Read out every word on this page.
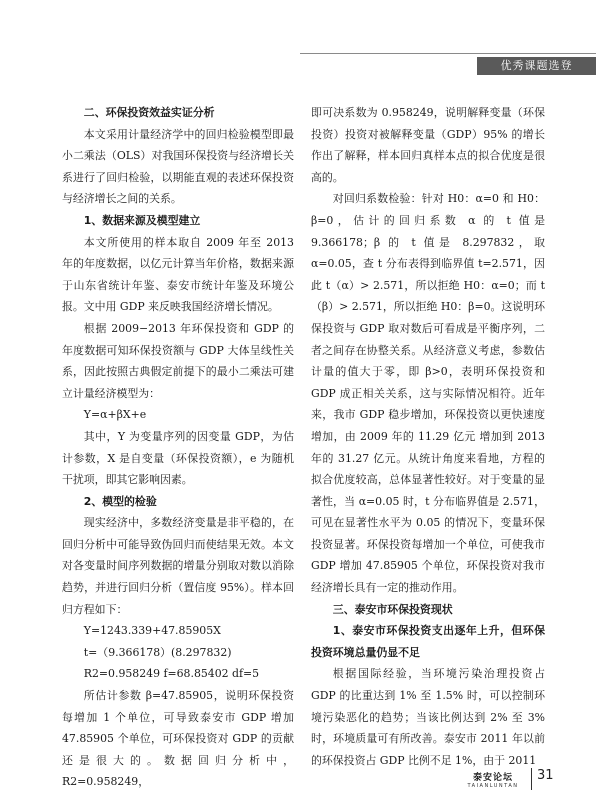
优秀课题选登

二、环保投资效益实证分析

本文采用计量经济学中的回归检验模型即最小二乘法（OLS）对我国环保投资与经济增长关系进行了回归检验，以期能直观的表述环保投资与经济增长之间的关系。

1、数据来源及模型建立

本文所使用的样本取自 2009 年至 2013 年的年度数据，以亿元计算当年价格，数据来源于山东省统计年鉴、泰安市统计年鉴及环境公报。文中用 GDP 来反映我国经济增长情况。

根据 2009−2013 年环保投资和 GDP 的年度数据可知环保投资额与 GDP 大体呈线性关系，因此按照古典假定前提下的最小二乘法可建立计量经济模型为：

Y=α+βX+e

其中，Y 为变量序列的因变量 GDP，为估计参数，X 是自变量（环保投资额），e 为随机干扰项，即其它影响因素。

2、模型的检验

现实经济中，多数经济变量是非平稳的，在回归分析中可能导致伪回归而使结果无效。本文对各变量时间序列数据的增量分别取对数以消除趋势，并进行回归分析（置信度 95%）。样本回归方程如下：

Y=1243.339+47.85905X

t=（9.366178）(8.297832)

R2=0.958249 f=68.85402 df=5

所估计参数 β=47.85905，说明环保投资每增加 1 个单位，可导致泰安市 GDP 增加 47.85905 个单位，可环保投资对 GDP 的贡献还是很大的。数据回归分析中，R2=0.958249，

即可决系数为 0.958249，说明解释变量（环保投资）投资对被解释变量（GDP）95% 的增长作出了解释，样本回归真样本点的拟合优度是很高的。

对回归系数检验：针对 H0：α=0 和 H0：β=0，估计的回归系数 α 的 t 值是 9.366178；β 的 t 值是 8.297832，取 α=0.05，查 t 分布表得到临界值 t=2.571，因此 t（α）> 2.571，所以拒绝 H0：α=0；而 t（β）> 2.571，所以拒绝 H0：β=0。这说明环保投资与 GDP 取对数后可看成是平衡序列，二者之间存在协整关系。从经济意义考虑，参数估计量的值大于零，即 β>0，表明环保投资和 GDP 成正相关关系，这与实际情况相符。近年来，我市 GDP 稳步增加，环保投资以更快速度增加，由 2009 年的 11.29 亿元 增加到 2013 年的 31.27 亿元。从统计角度来看地，方程的拟合优度较高，总体显著性较好。对于变量的显著性，当 α=0.05 时，t 分布临界值是 2.571，可见在显著性水平为 0.05 的情况下，变量环保投资显著。环保投资每增加一个单位，可使我市 GDP 增加 47.85905 个单位，环保投资对我市经济增长具有一定的推动作用。

三、泰安市环保投资现状

1、泰安市环保投资支出逐年上升，但环保投资环境总量仍显不足

根据国际经验，当环境污染治理投资占 GDP 的比重达到 1% 至 1.5% 时，可以控制环境污染恶化的趋势；当该比例达到 2% 至 3% 时，环境质量可有所改善。泰安市 2011 年以前的环保投资占 GDP 比例不足 1%，由于 2011

泰安论坛
TAIANLUNTAN
31
